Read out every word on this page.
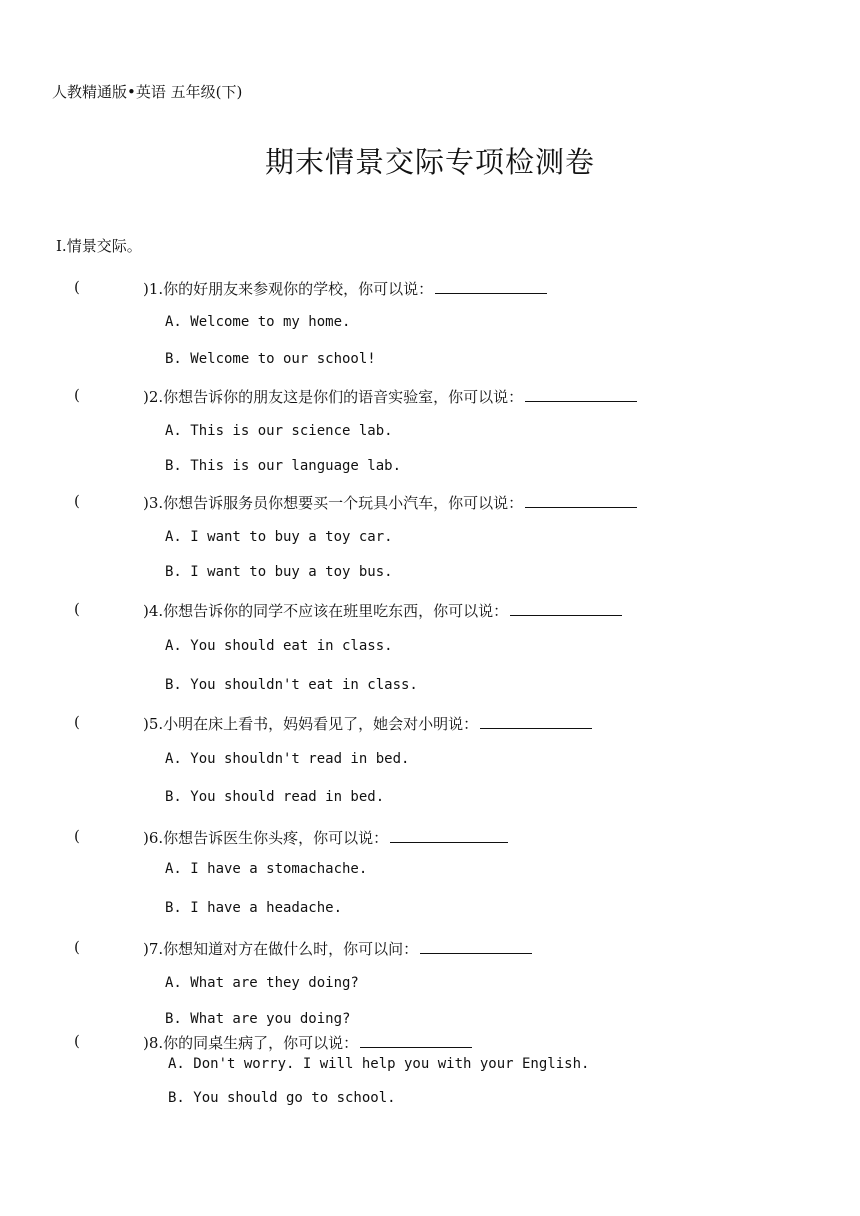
人教精通版•英语 五年级(下)
期末情景交际专项检测卷
Ⅰ.情景交际。
(	)1.你的好朋友来参观你的学校，你可以说：
A. Welcome to my home.
B. Welcome to our school!
(	)2.你想告诉你的朋友这是你们的语音实验室，你可以说：
A. This is our science lab.
B. This is our language lab.
(	)3.你想告诉服务员你想要买一个玩具小汽车，你可以说：
A. I want to buy a toy car.
B. I want to buy a toy bus.
(	)4.你想告诉你的同学不应该在班里吃东西，你可以说：
A. You should eat in class.
B. You shouldn't eat in class.
(	)5.小明在床上看书，妈妈看见了，她会对小明说：
A. You shouldn't read in bed.
B. You should read in bed.
(	)6.你想告诉医生你头疼，你可以说：
A. I have a stomachache.
B. I have a headache.
(	)7.你想知道对方在做什么时，你可以问：
A. What are they doing?
B. What are you doing?
(	)8.你的同桌生病了，你可以说：
A. Don't worry. I will help you with your English.
B. You should go to school.
